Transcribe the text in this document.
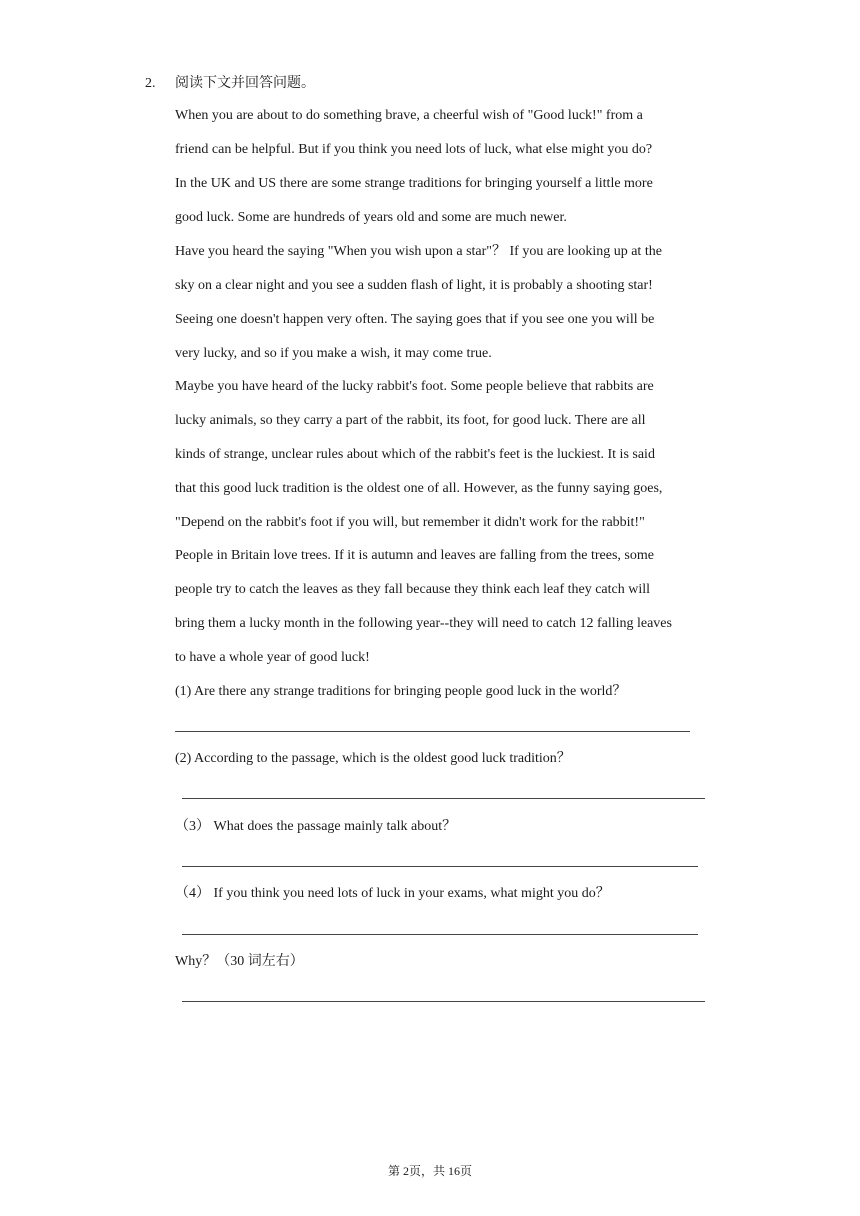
2. 阅读下文并回答问题。
When you are about to do something brave, a cheerful wish of "Good luck!" from a
friend can be helpful. But if you think you need lots of luck, what else might you do?
In the UK and US there are some strange traditions for bringing yourself a little more
good luck. Some are hundreds of years old and some are much newer.
Have you heard the saying "When you wish upon a star"？ If you are looking up at the
sky on a clear night and you see a sudden flash of light, it is probably a shooting star!
Seeing one doesn't happen very often. The saying goes that if you see one you will be
very lucky, and so if you make a wish, it may come true.
Maybe you have heard of the lucky rabbit's foot. Some people believe that rabbits are
lucky animals, so they carry a part of the rabbit, its foot, for good luck. There are all
kinds of strange, unclear rules about which of the rabbit's feet is the luckiest. It is said
that this good luck tradition is the oldest one of all. However, as the funny saying goes,
"Depend on the rabbit's foot if you will, but remember it didn't work for the rabbit!"
People in Britain love trees. If it is autumn and leaves are falling from the trees, some
people try to catch the leaves as they fall because they think each leaf they catch will
bring them a lucky month in the following year--they will need to catch 12 falling leaves
to have a whole year of good luck!
(1) Are there any strange traditions for bringing people good luck in the world？
(2) According to the passage, which is the oldest good luck tradition？
（3） What does the passage mainly talk about？
（4） If you think you need lots of luck in your exams, what might you do？
Why？（30 词左右）
第 2页，共 16页
